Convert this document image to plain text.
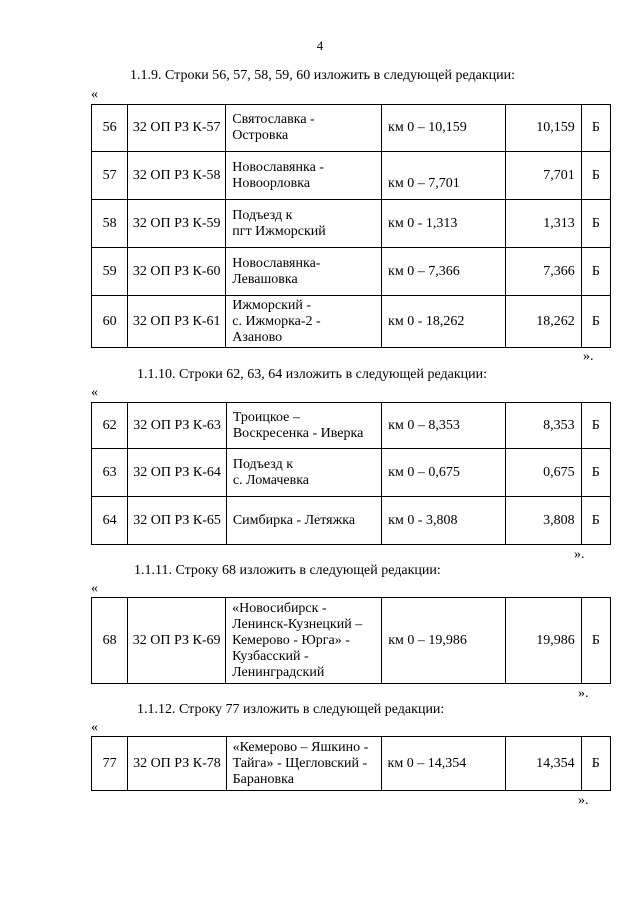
4
1.1.9. Строки 56, 57, 58, 59, 60 изложить в следующей редакции:
«
56	32 ОП РЗ К-57	Святославка -
Островка	км 0 – 10,159	10,159	Б
57	32 ОП РЗ К-58	Новославянка -
Новоорловка	км 0 – 7,701	7,701	Б
58	32 ОП РЗ К-59	Подъезд к
пгт Ижморский	км 0 - 1,313	1,313	Б
59	32 ОП РЗ К-60	Новославянка-
Левашовка	км 0 – 7,366	7,366	Б
60	32 ОП РЗ К-61	Ижморский -
с. Ижморка-2 -
Азаново	км 0 - 18,262	18,262	Б
».
1.1.10. Строки 62, 63, 64 изложить в следующей редакции:
«
62	32 ОП РЗ К-63	Троицкое –
Воскресенка - Иверка	км 0 – 8,353	8,353	Б
63	32 ОП РЗ К-64	Подъезд к
с. Ломачевка	км 0 – 0,675	0,675	Б
64	32 ОП РЗ К-65	Симбирка - Летяжка	км 0 - 3,808	3,808	Б
».
1.1.11. Строку 68 изложить в следующей редакции:
«
68	32 ОП РЗ К-69	«Новосибирск -
Ленинск-Кузнецкий –
Кемерово - Юрга» -
Кузбасский -
Ленинградский	км 0 – 19,986	19,986	Б
».
1.1.12. Строку 77 изложить в следующей редакции:
«
77	32 ОП РЗ К-78	«Кемерово – Яшкино -
Тайга» - Щегловский -
Барановка	км 0 – 14,354	14,354	Б
».
